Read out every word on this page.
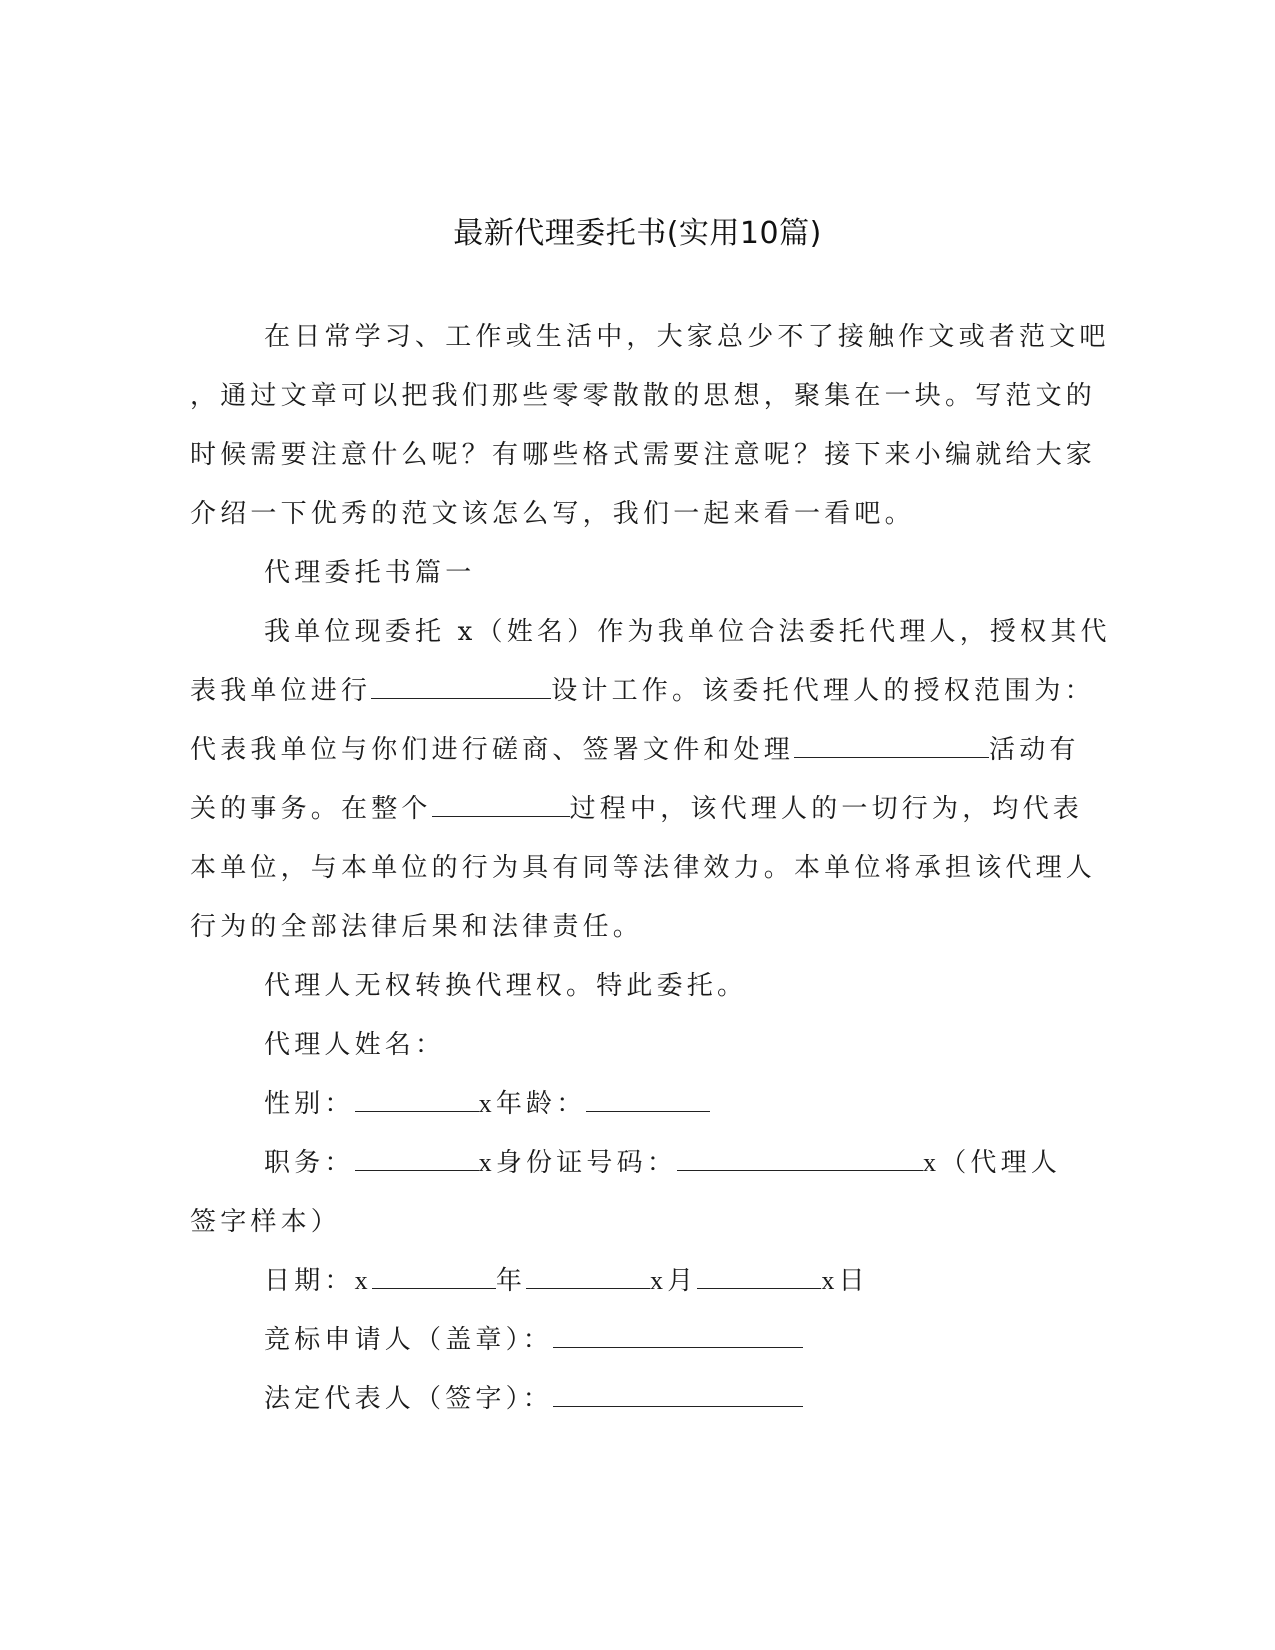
最新代理委托书(实用10篇)
在日常学习、工作或生活中，大家总少不了接触作文或者范文吧
，通过文章可以把我们那些零零散散的思想，聚集在一块。写范文的
时候需要注意什么呢？有哪些格式需要注意呢？接下来小编就给大家
介绍一下优秀的范文该怎么写，我们一起来看一看吧。
代理委托书篇一
我单位现委托 x（姓名）作为我单位合法委托代理人，授权其代
表我单位进行	设计工作。该委托代理人的授权范围为：
代表我单位与你们进行磋商、签署文件和处理	活动有
关的事务。在整个	过程中，该代理人的一切行为，均代表
本单位，与本单位的行为具有同等法律效力。本单位将承担该代理人
行为的全部法律后果和法律责任。
代理人无权转换代理权。特此委托。
代理人姓名：
性别：	x年龄：
职务：	x身份证号码：	x（代理人
签字样本）
日期：x	年	x月	x日
竞标申请人（盖章）：
法定代表人（签字）：
